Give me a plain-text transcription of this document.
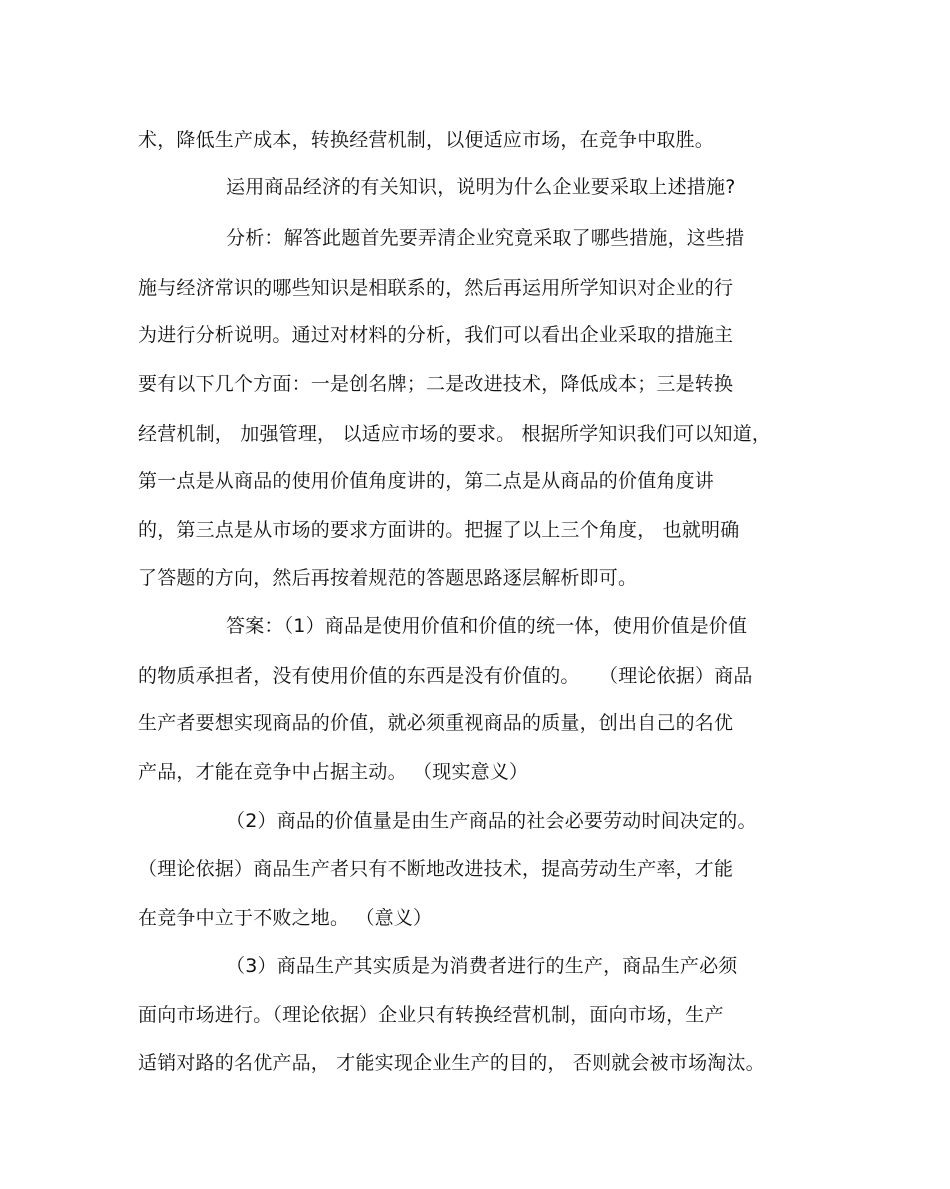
术，降低生产成本，转换经营机制，以便适应市场，在竞争中取胜。
运用商品经济的有关知识，说明为什么企业要采取上述措施?
分析：解答此题首先要弄清企业究竟采取了哪些措施，这些措
施与经济常识的哪些知识是相联系的，然后再运用所学知识对企业的行
为进行分析说明。通过对材料的分析，我们可以看出企业采取的措施主
要有以下几个方面：一是创名牌；二是改进技术，降低成本；三是转换
经营机制， 加强管理， 以适应市场的要求。 根据所学知识我们可以知道，
第一点是从商品的使用价值角度讲的，第二点是从商品的价值角度讲
的，第三点是从市场的要求方面讲的。把握了以上三个角度， 也就明确
了答题的方向，然后再按着规范的答题思路逐层解析即可。
答案：（1）商品是使用价值和价值的统一体，使用价值是价值
的物质承担者，没有使用价值的东西是没有价值的。　　（理论依据）商品
生产者要想实现商品的价值，就必须重视商品的质量，创出自己的名优
产品，才能在竞争中占据主动。 （现实意义）
（2）商品的价值量是由生产商品的社会必要劳动时间决定的。
（理论依据）商品生产者只有不断地改进技术，提高劳动生产率，才能
在竞争中立于不败之地。 （意义）
（3）商品生产其实质是为消费者进行的生产，商品生产必须
面向市场进行。（理论依据）企业只有转换经营机制，面向市场，生产
适销对路的名优产品， 才能实现企业生产的目的， 否则就会被市场淘汰。
